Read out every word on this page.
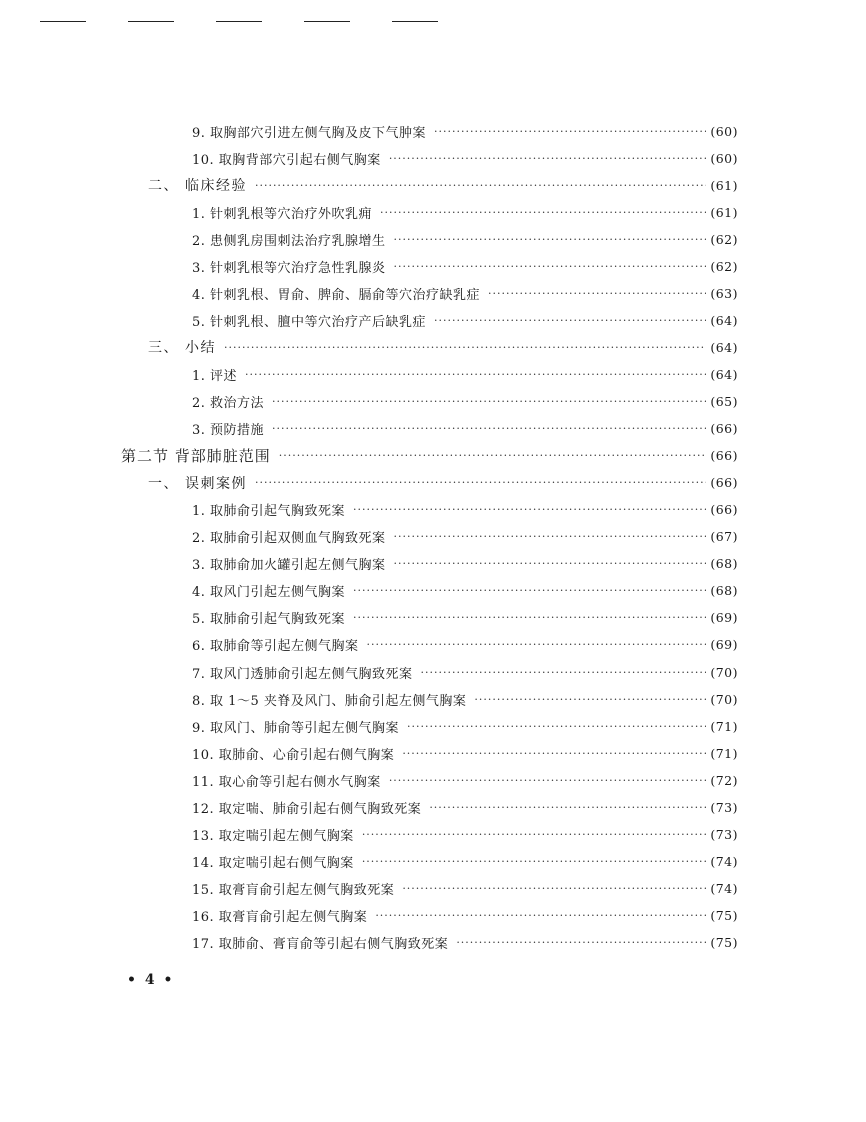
9. 取胸部穴引进左侧气胸及皮下气肿案 ·····	(60)
10. 取胸背部穴引起右侧气胸案 ·····	(60)
二、 临床经验 ·····	(61)
1. 针刺乳根等穴治疗外吹乳痈 ·····	(61)
2. 患侧乳房围刺法治疗乳腺增生 ·····	(62)
3. 针刺乳根等穴治疗急性乳腺炎 ·····	(62)
4. 针刺乳根、胃俞、脾俞、膈俞等穴治疗缺乳症 ·····	(63)
5. 针刺乳根、膻中等穴治疗产后缺乳症 ·····	(64)
三、 小结 ·····	(64)
1. 评述 ·····	(64)
2. 救治方法 ·····	(65)
3. 预防措施 ·····	(66)
第二节 背部肺脏范围 ·····	(66)
一、 误刺案例 ·····	(66)
1. 取肺俞引起气胸致死案 ·····	(66)
2. 取肺俞引起双侧血气胸致死案 ·····	(67)
3. 取肺俞加火罐引起左侧气胸案 ·····	(68)
4. 取风门引起左侧气胸案 ·····	(68)
5. 取肺俞引起气胸致死案 ·····	(69)
6. 取肺俞等引起左侧气胸案 ·····	(69)
7. 取风门透肺俞引起左侧气胸致死案 ·····	(70)
8. 取 1～5 夹脊及风门、肺俞引起左侧气胸案 ·····	(70)
9. 取风门、肺俞等引起左侧气胸案 ·····	(71)
10. 取肺俞、心俞引起右侧气胸案 ·····	(71)
11. 取心俞等引起右侧水气胸案 ·····	(72)
12. 取定喘、肺俞引起右侧气胸致死案 ·····	(73)
13. 取定喘引起左侧气胸案 ·····	(73)
14. 取定喘引起右侧气胸案 ·····	(74)
15. 取膏肓俞引起左侧气胸致死案 ·····	(74)
16. 取膏肓俞引起左侧气胸案 ·····	(75)
17. 取肺俞、膏肓俞等引起右侧气胸致死案 ·····	(75)
• 4 •
